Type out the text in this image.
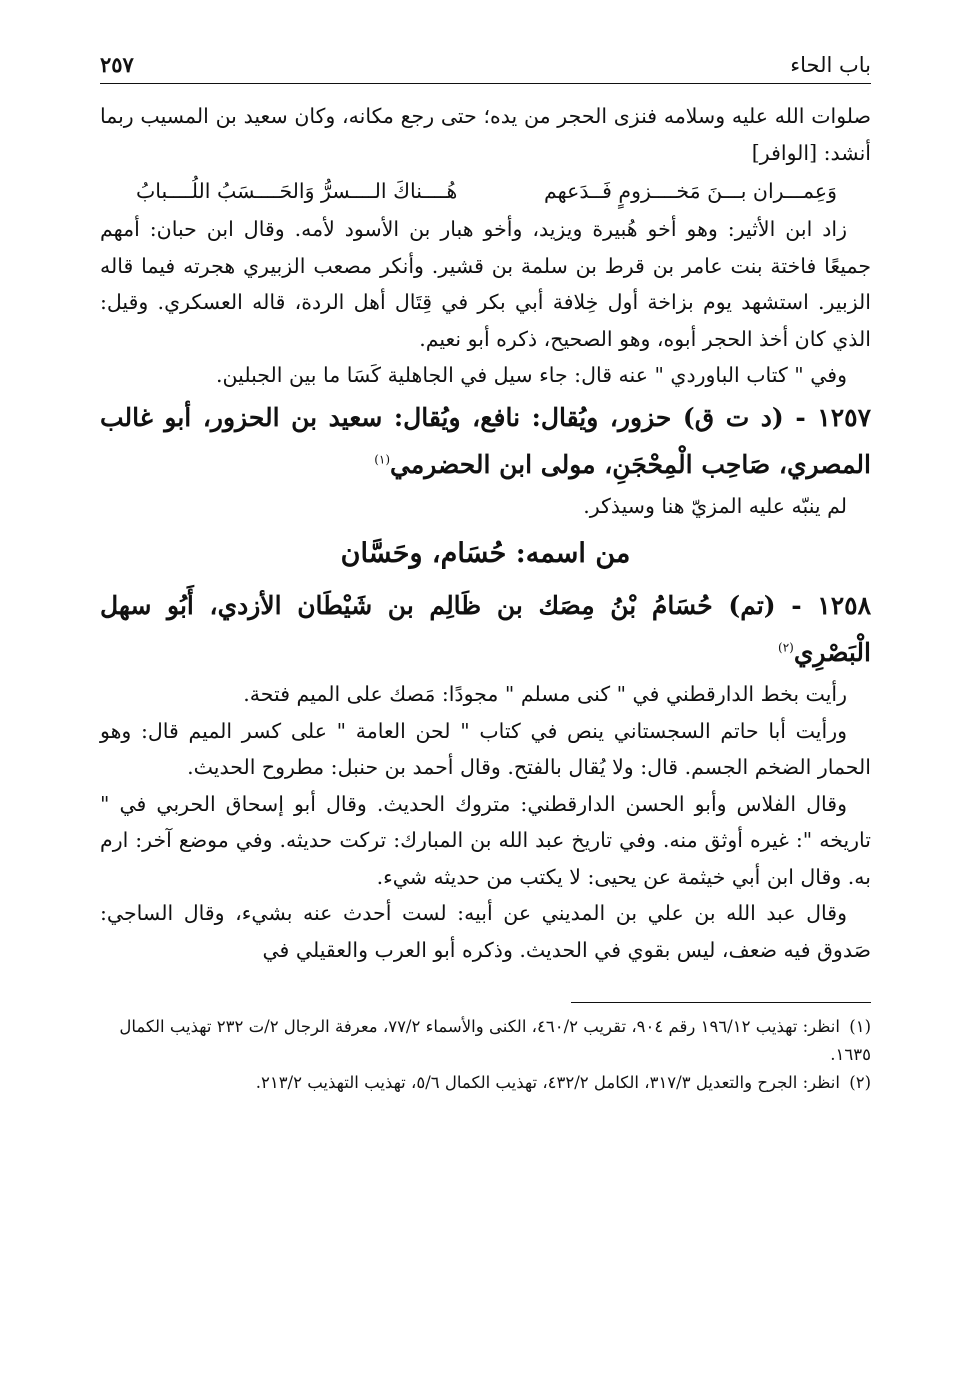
باب الحاء
٢٥٧

صلوات الله عليه وسلامه فنزى الحجر من يده؛ حتى رجع مكانه، وكان سعيد بن المسيب ربما أنشد: [الوافر]

وَعِمـــران بـــنَ مَخــــزومٍ فَــدَعهم
هُــــناكَ الــــسرُّ وَالحَــــسَبُ اللُــــبابُ

زاد ابن الأثير: وهو أخو هُبيرة ويزيد، وأخو هبار بن الأسود لأمه. وقال ابن حبان: أمهم جميعًا فاختة بنت عامر بن قرط بن سلمة بن قشير. وأنكر مصعب الزبيري هجرته فيما قاله الزبير. استشهد يوم بزاخة أول خِلافة أبي بكر في قِتَال أهل الردة، قاله العسكري. وقيل: الذي كان أخذ الحجر أبوه، وهو الصحيح، ذكره أبو نعيم.

وفي " كتاب الباوردي " عنه قال: جاء سيل في الجاهلية كَسَا ما بين الجبلين.

١٢٥٧ - (د ت ق) حزور، ويُقال: نافع، ويُقال: سعيد بن الحزور، أبو غالب المصري، صَاحِب الْمِحْجَنِ، مولى ابن الحضرمي$^{(١)}$

لم ينبّه عليه المزيّ هنا وسيذكر.

من اسمه: حُسَام، وحَسَّان
١٢٥٨ - (تم) حُسَامُ بْنُ مِصَك بن ظَالِم بن شَيْطَان الأزدي، أَبُو سهل الْبَصْرِي$^{(٢)}$

رأيت بخط الدارقطني في " كنى مسلم " مجودًا: مَصك على الميم فتحة.

ورأيت أبا حاتم السجستاني ينص في كتاب " لحن العامة " على كسر الميم قال: وهو الحمار الضخم الجسم. قال: ولا يُقال بالفتح. وقال أحمد بن حنبل: مطروح الحديث.

وقال الفلاس وأبو الحسن الدارقطني: متروك الحديث. وقال أبو إسحاق الحربي في " تاريخه ": غيره أوثق منه. وفي تاريخ عبد الله بن المبارك: تركت حديثه. وفي موضع آخر: ارم به. وقال ابن أبي خيثمة عن يحيى: لا يكتب من حديثه شيء.

وقال عبد الله بن علي بن المديني عن أبيه: لست أحدث عنه بشيء، وقال الساجي: صَدوق فيه ضعف، ليس بقوي في الحديث. وذكره أبو العرب والعقيلي في

(١) انظر: تهذيب ١٩٦/١٢ رقم ٩٠٤، تقريب ٤٦٠/٢، الكنى والأسماء ٧٧/٢، معرفة الرجال ٢/ت ٢٣٢ تهذيب الكمال ١٦٣٥.

(٢) انظر: الجرح والتعديل ٣١٧/٣، الكامل ٤٣٢/٢، تهذيب الكمال ٥/٦، تهذيب التهذيب ٢١٣/٢.
